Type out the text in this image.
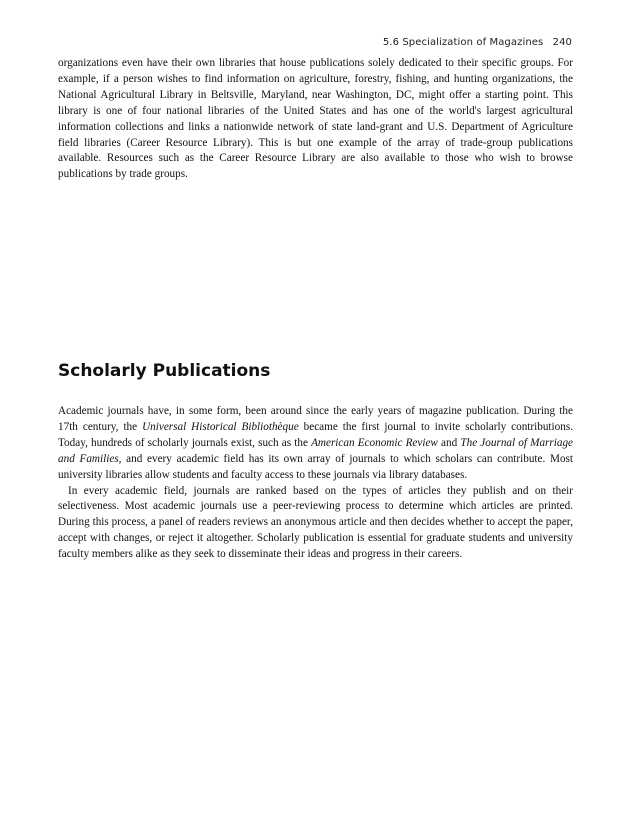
5.6 Specialization of Magazines 240

organizations even have their own libraries that house publications solely dedicated to their specific groups. For example, if a person wishes to find information on agriculture, forestry, fishing, and hunting organizations, the National Agricultural Library in Beltsville, Maryland, near Washington, DC, might offer a starting point. This library is one of four national libraries of the United States and has one of the world's largest agricultural information collections and links a nationwide network of state land-grant and U.S. Department of Agriculture field libraries (Career Resource Library). This is but one example of the array of trade-group publications available. Resources such as the Career Resource Library are also available to those who wish to browse publications by trade groups.

Scholarly Publications

Academic journals have, in some form, been around since the early years of magazine publication. During the 17th century, the Universal Historical Bibliothèque became the first journal to invite scholarly contributions. Today, hundreds of scholarly journals exist, such as the American Economic Review and The Journal of Marriage and Families, and every academic field has its own array of journals to which scholars can contribute. Most university libraries allow students and faculty access to these journals via library databases.

In every academic field, journals are ranked based on the types of articles they publish and on their selectiveness. Most academic journals use a peer-reviewing process to determine which articles are printed. During this process, a panel of readers reviews an anonymous article and then decides whether to accept the paper, accept with changes, or reject it altogether. Scholarly publication is essential for graduate students and university faculty members alike as they seek to disseminate their ideas and progress in their careers.
